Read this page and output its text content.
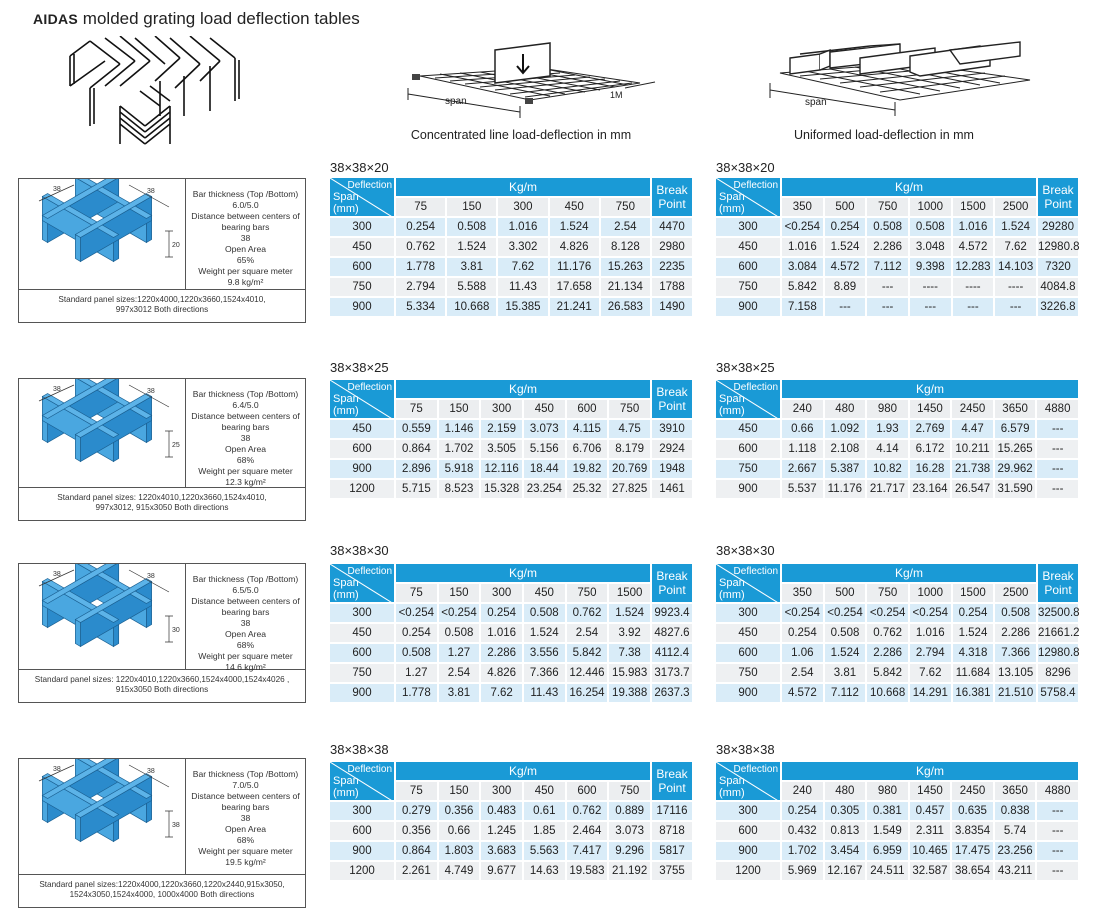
AIDAS molded grating load deflection tables
span
1M
Concentrated line load-deflection in mm
span
Uniformed load-deflection in mm
38×38×20	38×38×20
38	38
20
Bar thickness (Top /Bottom)
6.0/5.0
Distance between centers of
bearing bars
38
Open Area
65%
Weight per square meter
9.8 kg/m²
Standard panel sizes:1220x4000,1220x3660,1524x4010,
997x3012 Both directions
Deflection
Span
(mm)	Kg/m					Break Point
	75	150	300	450	750	
300	0.254	0.508	1.016	1.524	2.54	4470
450	0.762	1.524	3.302	4.826	8.128	2980
600	1.778	3.81	7.62	11.176	15.263	2235
750	2.794	5.588	11.43	17.658	21.134	1788
900	5.334	10.668	15.385	21.241	26.583	1490
Deflection
Span
(mm)	Kg/m						Break Point
	350	500	750	1000	1500	2500	
300	<0.254	0.254	0.508	0.508	1.016	1.524	29280
450	1.016	1.524	2.286	3.048	4.572	7.62	12980.8
600	3.084	4.572	7.112	9.398	12.283	14.103	7320
750	5.842	8.89	---	----	----	----	4084.8
900	7.158	---	---	---	---	---	3226.8
38×38×25	38×38×25
38	38
25
Bar thickness (Top /Bottom)
6.4/5.0
Distance between centers of
bearing bars
38
Open Area
68%
Weight per square meter
12.3 kg/m²
Standard panel sizes: 1220x4010,1220x3660,1524x4010,
997x3012, 915x3050 Both directions
Deflection
Span
(mm)	Kg/m						Break Point
	75	150	300	450	600	750	
450	0.559	1.146	2.159	3.073	4.115	4.75	3910
600	0.864	1.702	3.505	5.156	6.706	8.179	2924
900	2.896	5.918	12.116	18.44	19.82	20.769	1948
1200	5.715	8.523	15.328	23.254	25.32	27.825	1461
Deflection
Span
(mm)	Kg/m						
	240	480	980	1450	2450	3650	4880
450	0.66	1.092	1.93	2.769	4.47	6.579	---
600	1.118	2.108	4.14	6.172	10.211	15.265	---
750	2.667	5.387	10.82	16.28	21.738	29.962	---
900	5.537	11.176	21.717	23.164	26.547	31.590	---
38×38×30	38×38×30
38	38
30
Bar thickness (Top /Bottom)
6.5/5.0
Distance between centers of
bearing bars
38
Open Area
68%
Weight per square meter
14.6 kg/m²
Standard panel sizes: 1220x4010,1220x3660,1524x4000,1524x4026 ,
915x3050 Both directions
Deflection
Span
(mm)	Kg/m						Break Point
	75	150	300	450	750	1500	
300	<0.254	<0.254	0.254	0.508	0.762	1.524	9923.4
450	0.254	0.508	1.016	1.524	2.54	3.92	4827.6
600	0.508	1.27	2.286	3.556	5.842	7.38	4112.4
750	1.27	2.54	4.826	7.366	12.446	15.983	3173.7
900	1.778	3.81	7.62	11.43	16.254	19.388	2637.3
Deflection
Span
(mm)	Kg/m						Break Point
	350	500	750	1000	1500	2500	
300	<0.254	<0.254	<0.254	<0.254	0.254	0.508	32500.8
450	0.254	0.508	0.762	1.016	1.524	2.286	21661.2
600	1.06	1.524	2.286	2.794	4.318	7.366	12980.8
750	2.54	3.81	5.842	7.62	11.684	13.105	8296
900	4.572	7.112	10.668	14.291	16.381	21.510	5758.4
38×38×38	38×38×38
38	38
38
Bar thickness (Top /Bottom)
7.0/5.0
Distance between centers of
bearing bars
38
Open Area
68%
Weight per square meter
19.5 kg/m²
Standard panel sizes:1220x4000,1220x3660,1220x2440,915x3050,
1524x3050,1524x4000, 1000x4000 Both directions
Deflection
Span
(mm)	Kg/m						Break Point
	75	150	300	450	600	750	
300	0.279	0.356	0.483	0.61	0.762	0.889	17116
600	0.356	0.66	1.245	1.85	2.464	3.073	8718
900	0.864	1.803	3.683	5.563	7.417	9.296	5817
1200	2.261	4.749	9.677	14.63	19.583	21.192	3755
Deflection
Span
(mm)	Kg/m						
	240	480	980	1450	2450	3650	4880
300	0.254	0.305	0.381	0.457	0.635	0.838	---
600	0.432	0.813	1.549	2.311	3.8354	5.74	---
900	1.702	3.454	6.959	10.465	17.475	23.256	---
1200	5.969	12.167	24.511	32.587	38.654	43.211	---
